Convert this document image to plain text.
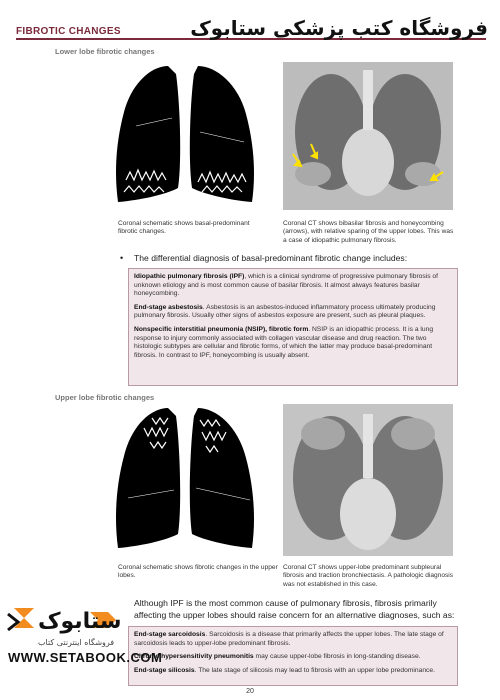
FIBROTIC CHANGES	فروشگاه کتب پزشکی ستابوک
Lower lobe fibrotic changes
Coronal schematic shows basal-predominant fibrotic changes.
Coronal CT shows bibasilar fibrosis and honeycombing (arrows), with relative sparing of the upper lobes. This was a case of idiopathic pulmonary fibrosis.
• The differential diagnosis of basal-predominant fibrotic change includes:

Idiopathic pulmonary fibrosis (IPF), which is a clinical syndrome of progressive pulmonary fibrosis of unknown etiology and is most common cause of basilar fibrosis. It almost always features basilar honeycombing.

End-stage asbestosis. Asbestosis is an asbestos-induced inflammatory process ultimately producing pulmonary fibrosis. Usually other signs of asbestos exposure are present, such as pleural plaques.

Nonspecific interstitial pneumonia (NSIP), fibrotic form. NSIP is an idiopathic process. It is a lung response to injury commonly associated with collagen vascular disease and drug reaction. The two histologic subtypes are cellular and fibrotic forms, of which the latter may produce basal-predominant fibrosis. In contrast to IPF, honeycombing is usually absent.

Upper lobe fibrotic changes
Coronal schematic shows fibrotic changes in the upper lobes.
Coronal CT shows upper-lobe predominant subpleural fibrosis and traction bronchiectasis. A pathologic diagnosis was not established in this case.
Although IPF is the most common cause of pulmonary fibrosis, fibrosis primarily
affecting the upper lobes should raise concern for an alternative diagnoses, such as:

End-stage sarcoidosis. Sarcoidosis is a disease that primarily affects the upper lobes. The late stage of sarcoidosis leads to upper-lobe predominant fibrosis.

Chronic hypersensitivity pneumonitis may cause upper-lobe fibrosis in long-standing disease.

End-stage silicosis. The late stage of silicosis may lead to fibrosis with an upper lobe predominance.

ستابوک
فروشگاه اینترنتی کتاب
WWW.SETABOOK.COM
20
